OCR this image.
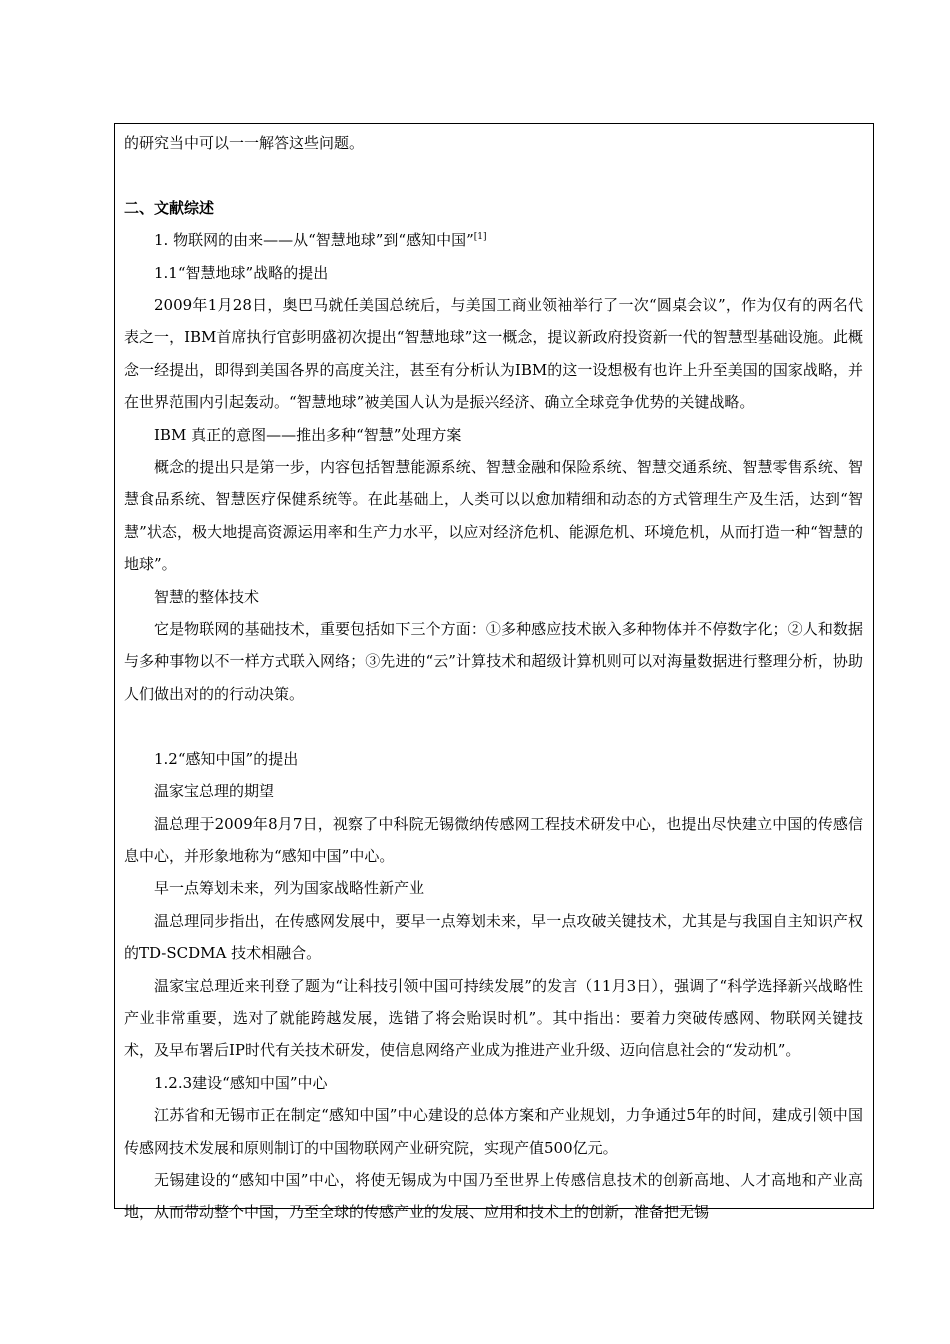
的研究当中可以一一解答这些问题。

二、文献综述

1. 物联网的由来——从“智慧地球”到“感知中国”[1]

1.1“智慧地球”战略的提出

2009年1月28日，奥巴马就任美国总统后，与美国工商业领袖举行了一次“圆桌会议”，作为仅有的两名代表之一，IBM首席执行官彭明盛初次提出“智慧地球”这一概念，提议新政府投资新一代的智慧型基础设施。此概念一经提出，即得到美国各界的高度关注，甚至有分析认为IBM的这一设想极有也许上升至美国的国家战略，并在世界范围内引起轰动。“智慧地球”被美国人认为是振兴经济、确立全球竞争优势的关键战略。

IBM 真正的意图——推出多种“智慧”处理方案

概念的提出只是第一步，内容包括智慧能源系统、智慧金融和保险系统、智慧交通系统、智慧零售系统、智慧食品系统、智慧医疗保健系统等。在此基础上，人类可以以愈加精细和动态的方式管理生产及生活，达到“智慧”状态，极大地提高资源运用率和生产力水平，以应对经济危机、能源危机、环境危机，从而打造一种“智慧的地球”。

智慧的整体技术

它是物联网的基础技术，重要包括如下三个方面：①多种感应技术嵌入多种物体并不停数字化；②人和数据与多种事物以不一样方式联入网络；③先进的“云”计算技术和超级计算机则可以对海量数据进行整理分析，协助人们做出对的的行动决策。

1.2“感知中国”的提出

温家宝总理的期望

温总理于2009年8月7日，视察了中科院无锡微纳传感网工程技术研发中心，也提出尽快建立中国的传感信息中心，并形象地称为“感知中国”中心。

早一点筹划未来，列为国家战略性新产业

温总理同步指出，在传感网发展中，要早一点筹划未来，早一点攻破关键技术，尤其是与我国自主知识产权的TD-SCDMA 技术相融合。

温家宝总理近来刊登了题为“让科技引领中国可持续发展”的发言（11月3日），强调了“科学选择新兴战略性产业非常重要，选对了就能跨越发展，选错了将会贻误时机”。其中指出：要着力突破传感网、物联网关键技术，及早布署后IP时代有关技术研发，使信息网络产业成为推进产业升级、迈向信息社会的“发动机”。

1.2.3建设“感知中国”中心

江苏省和无锡市正在制定“感知中国”中心建设的总体方案和产业规划，力争通过5年的时间，建成引领中国传感网技术发展和原则制订的中国物联网产业研究院，实现产值500亿元。

无锡建设的“感知中国”中心，将使无锡成为中国乃至世界上传感信息技术的创新高地、人才高地和产业高地，从而带动整个中国，乃至全球的传感产业的发展、应用和技术上的创新，准备把无锡
